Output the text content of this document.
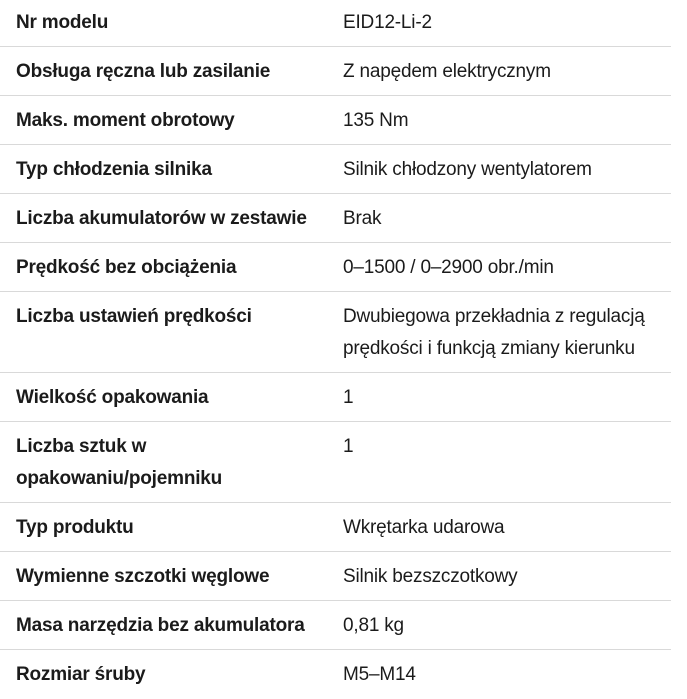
Nr modelu	EID12-Li-2
Obsługa ręczna lub zasilanie	Z napędem elektrycznym
Maks. moment obrotowy	135 Nm
Typ chłodzenia silnika	Silnik chłodzony wentylatorem
Liczba akumulatorów w zestawie	Brak
Prędkość bez obciążenia	0–1500 / 0–2900 obr./min
Liczba ustawień prędkości	Dwubiegowa przekładnia z regulacją prędkości i funkcją zmiany kierunku
Wielkość opakowania	1
Liczba sztuk w opakowaniu/pojemniku	1
Typ produktu	Wkrętarka udarowa
Wymienne szczotki węglowe	Silnik bezszczotkowy
Masa narzędzia bez akumulatora	0,81 kg
Rozmiar śruby	M5–M14
